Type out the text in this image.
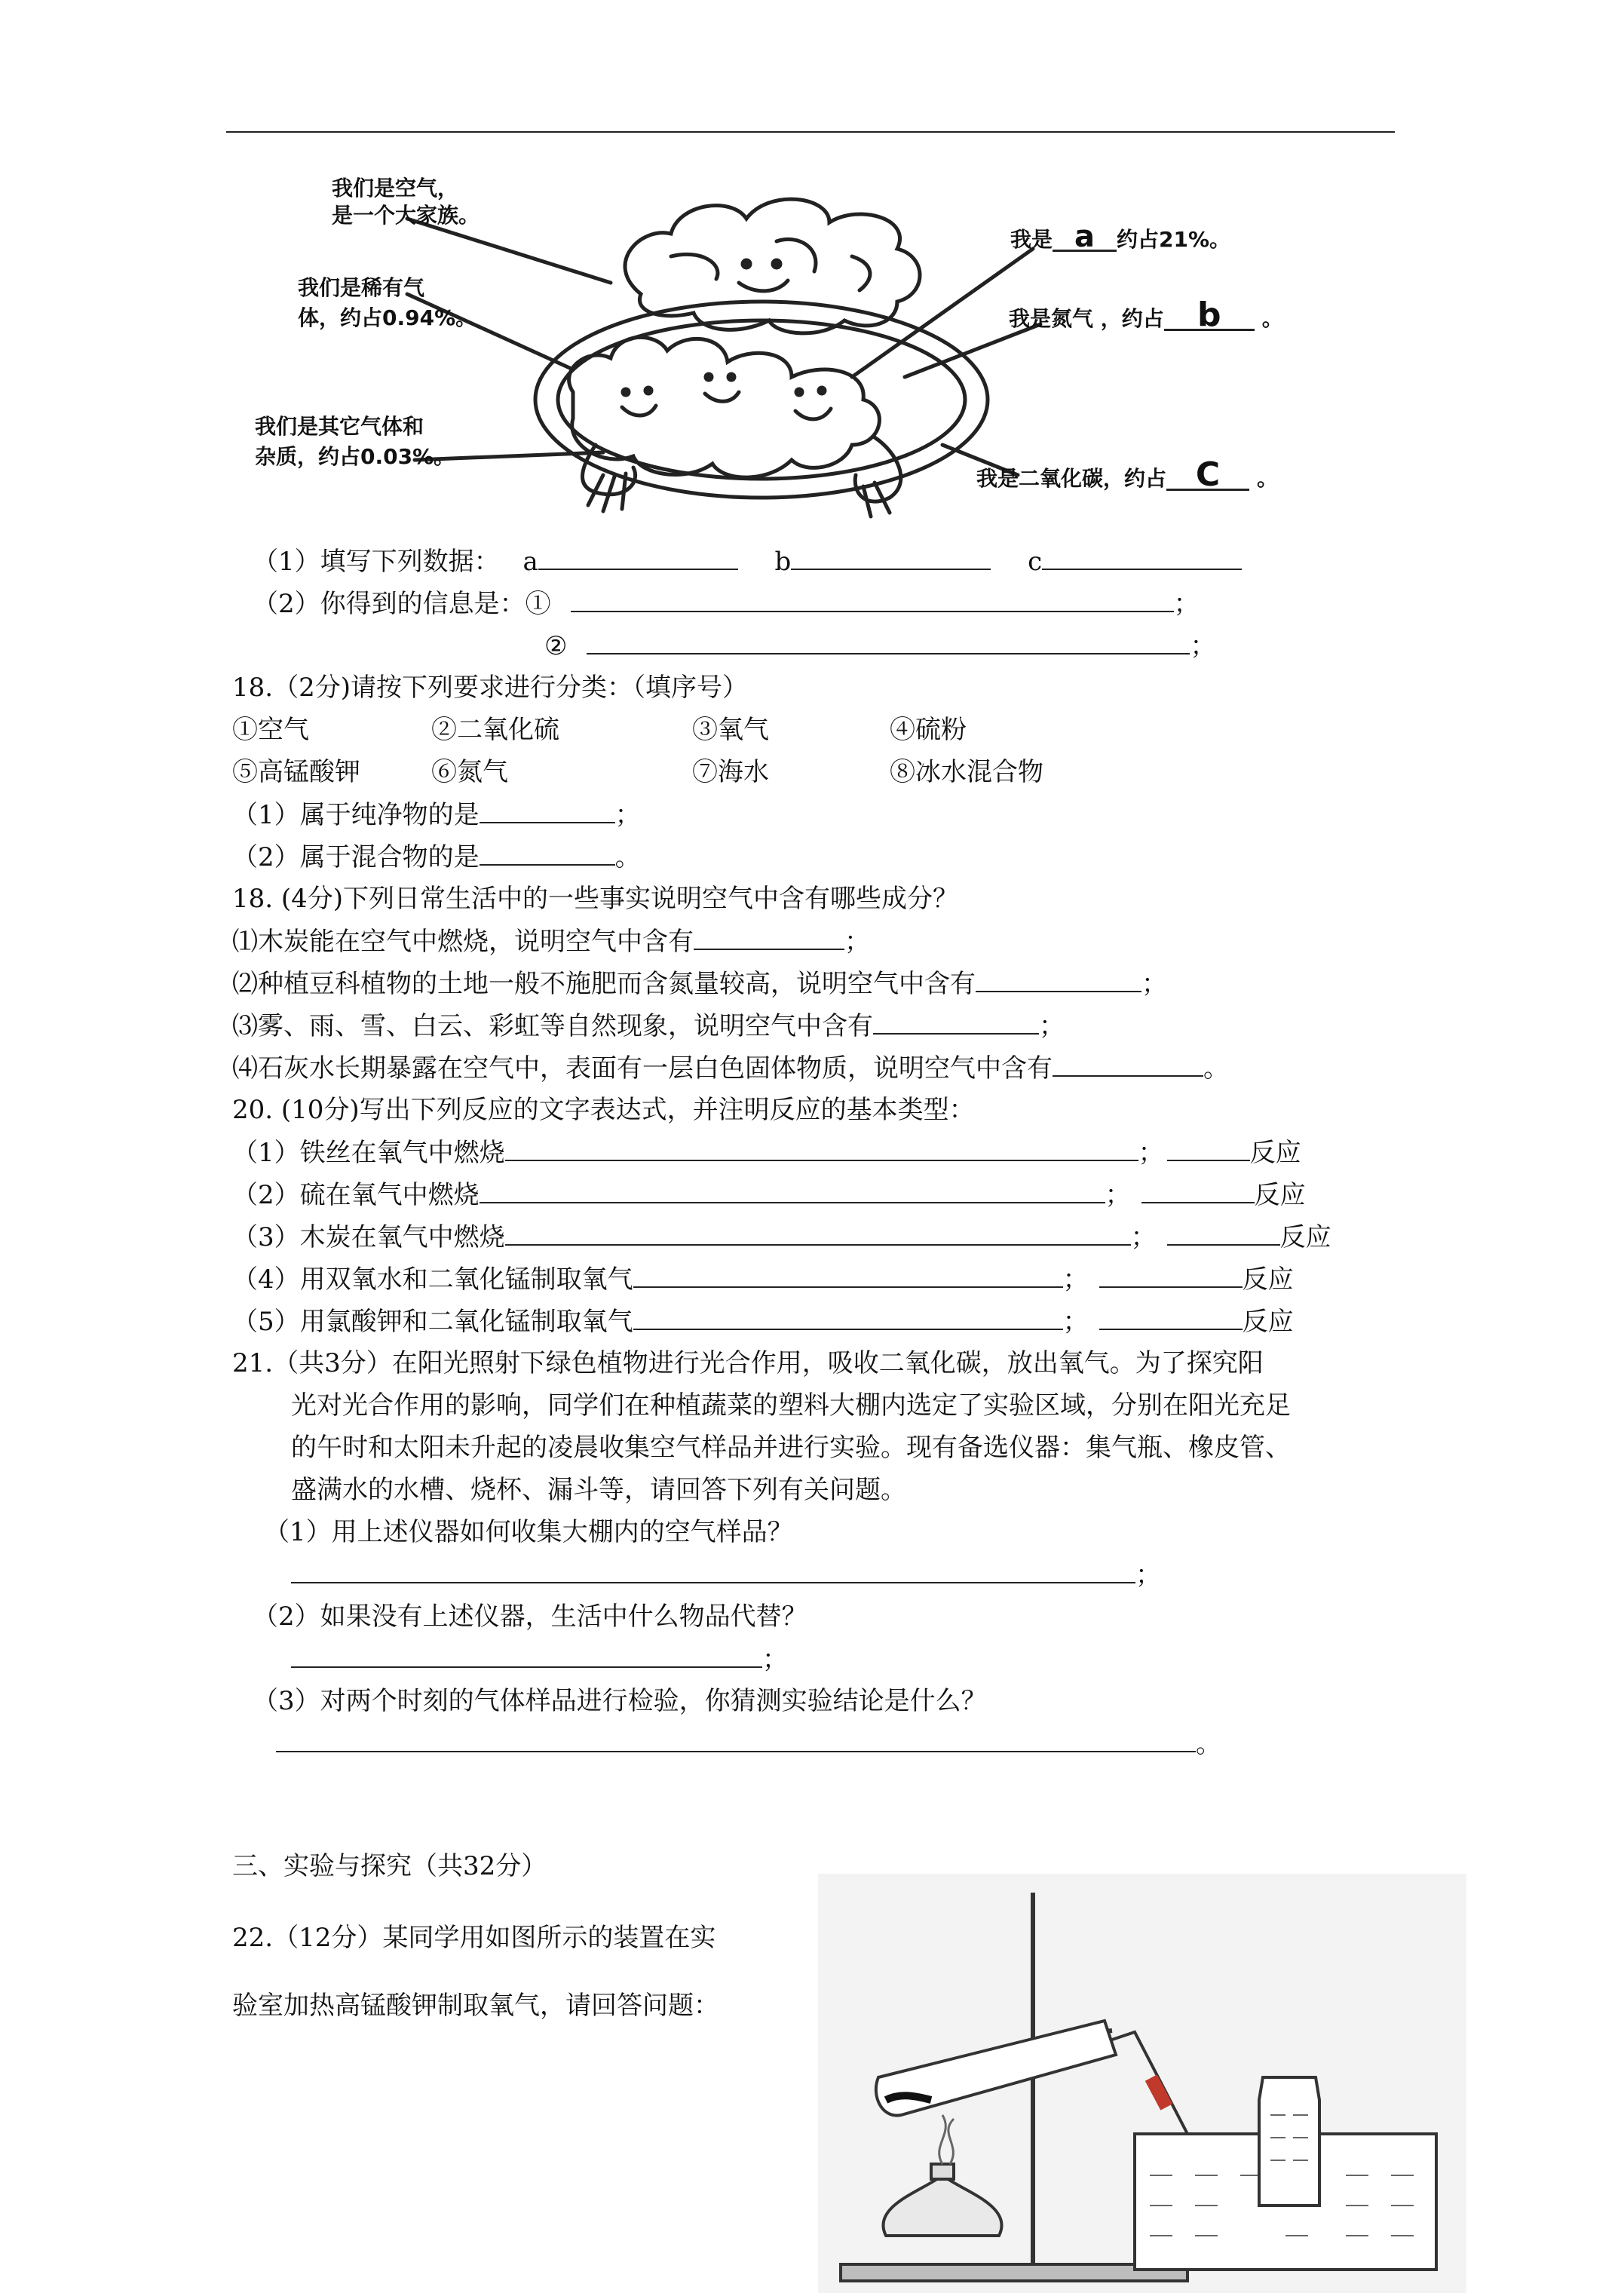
我们是空气，
是一个大家族。
我们是稀有气
体，约占0.94%。
我们是其它气体和
杂质，约占0.03%。
我是 a 约占21%。
我是氮气 ，约占 b 。
我是二氧化碳，约占 C 。
（1）填写下列数据： a	b	c
（2）你得到的信息是：①	；
②	；
18.（2分)请按下列要求进行分类：（填序号）
①空气	②二氧化硫	③氧气	④硫粉
⑤高锰酸钾	⑥氮气	⑦海水	⑧冰水混合物
（1）属于纯净物的是	；
（2）属于混合物的是	。
18. (4分)下列日常生活中的一些事实说明空气中含有哪些成分？
⑴木炭能在空气中燃烧，说明空气中含有	；
⑵种植豆科植物的土地一般不施肥而含氮量较高，说明空气中含有	；
⑶雾、雨、雪、白云、彩虹等自然现象，说明空气中含有	；
⑷石灰水长期暴露在空气中，表面有一层白色固体物质，说明空气中含有	。
20. (10分)写出下列反应的文字表达式，并注明反应的基本类型：
（1）铁丝在氧气中燃烧	；	反应
（2）硫在氧气中燃烧	；	反应
（3）木炭在氧气中燃烧	；	反应
（4）用双氧水和二氧化锰制取氧气	；	反应
（5）用氯酸钾和二氧化锰制取氧气	；	反应
21.（共3分）在阳光照射下绿色植物进行光合作用，吸收二氧化碳，放出氧气。为了探究阳
光对光合作用的影响，同学们在种植蔬菜的塑料大棚内选定了实验区域，分别在阳光充足
的午时和太阳未升起的凌晨收集空气样品并进行实验。现有备选仪器：集气瓶、橡皮管、
盛满水的水槽、烧杯、漏斗等，请回答下列有关问题。
（1）用上述仪器如何收集大棚内的空气样品？
；
（2）如果没有上述仪器，生活中什么物品代替？
；
（3）对两个时刻的气体样品进行检验，你猜测实验结论是什么？
。
三、实验与探究（共32分）
22.（12分）某同学用如图所示的装置在实
验室加热高锰酸钾制取氧气，请回答问题：
